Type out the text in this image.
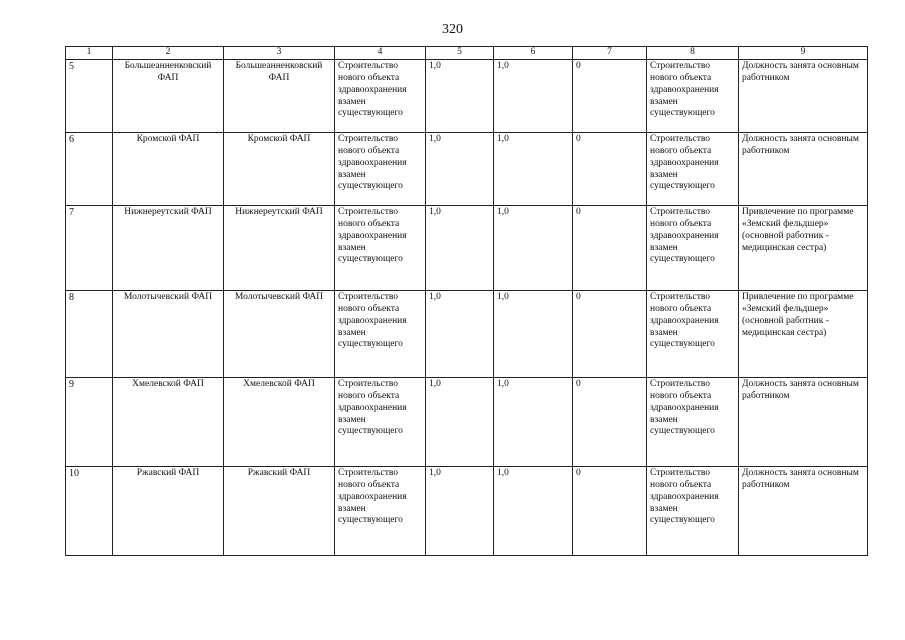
320
1	2	3	4	5	6	7	8	9
5	Большеанненковский ФАП	Большеанненковский ФАП	Строительство нового объекта здравоохранения взамен существующего	1,0	1,0	0	Строительство нового объекта здравоохранения взамен существующего	Должность занята основным работником
6	Кромской ФАП	Кромской ФАП	Строительство нового объекта здравоохранения взамен существующего	1,0	1,0	0	Строительство нового объекта здравоохранения взамен существующего	Должность занята основным работником
7	Нижнереутский ФАП	Нижнереутский ФАП	Строительство нового объекта здравоохранения взамен существующего	1,0	1,0	0	Строительство нового объекта здравоохранения взамен существующего	Привлечение по программе «Земский фельдшер» (основной работник - медицинская сестра)
8	Молотычевский ФАП	Молотычевский ФАП	Строительство нового объекта здравоохранения взамен существующего	1,0	1,0	0	Строительство нового объекта здравоохранения взамен существующего	Привлечение по программе «Земский фельдшер» (основной работник - медицинская сестра)
9	Хмелевской ФАП	Хмелевской ФАП	Строительство нового объекта здравоохранения взамен существующего	1,0	1,0	0	Строительство нового объекта здравоохранения взамен существующего	Должность занята основным работником
10	Ржавский ФАП	Ржавский ФАП	Строительство нового объекта здравоохранения взамен существующего	1,0	1,0	0	Строительство нового объекта здравоохранения взамен существующего	Должность занята основным работником
